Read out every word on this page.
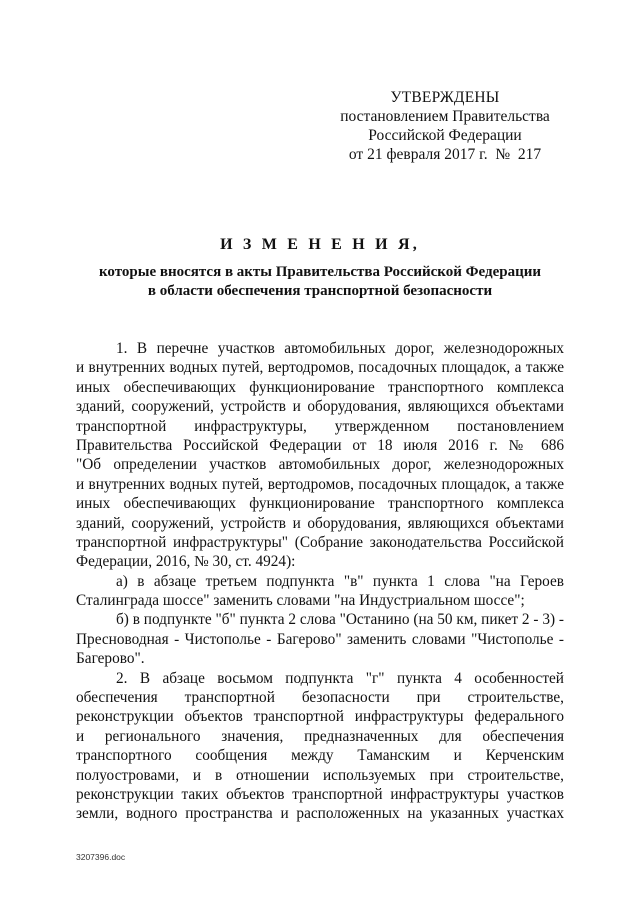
УТВЕРЖДЕНЫ
постановлением Правительства
Российской Федерации
от 21 февраля 2017 г.  №  217
И З М Е Н Е Н И Я,
которые вносятся в акты Правительства Российской Федерации
в области обеспечения транспортной безопасности
1. В перечне участков автомобильных дорог, железнодорожных
и внутренних водных путей, вертодромов, посадочных площадок, а также
иных обеспечивающих функционирование транспортного комплекса
зданий, сооружений, устройств и оборудования, являющихся объектами
транспортной инфраструктуры, утвержденном постановлением
Правительства Российской Федерации от 18 июля 2016 г. № 686
"Об определении участков автомобильных дорог, железнодорожных
и внутренних водных путей, вертодромов, посадочных площадок, а также
иных обеспечивающих функционирование транспортного комплекса
зданий, сооружений, устройств и оборудования, являющихся объектами
транспортной инфраструктуры" (Собрание законодательства Российской
Федерации, 2016, № 30, ст. 4924):
а) в абзаце третьем подпункта "в" пункта 1 слова "на Героев
Сталинграда шоссе" заменить словами "на Индустриальном шоссе";
б) в подпункте "б" пункта 2 слова "Останино (на 50 км, пикет 2 - 3) -
Пресноводная - Чистополье - Багерово" заменить словами "Чистополье -
Багерово".
2. В абзаце восьмом подпункта "г" пункта 4 особенностей
обеспечения транспортной безопасности при строительстве,
реконструкции объектов транспортной инфраструктуры федерального
и регионального значения, предназначенных для обеспечения
транспортного сообщения между Таманским и Керченским
полуостровами, и в отношении используемых при строительстве,
реконструкции таких объектов транспортной инфраструктуры участков
земли, водного пространства и расположенных на указанных участках
3207396.doc
